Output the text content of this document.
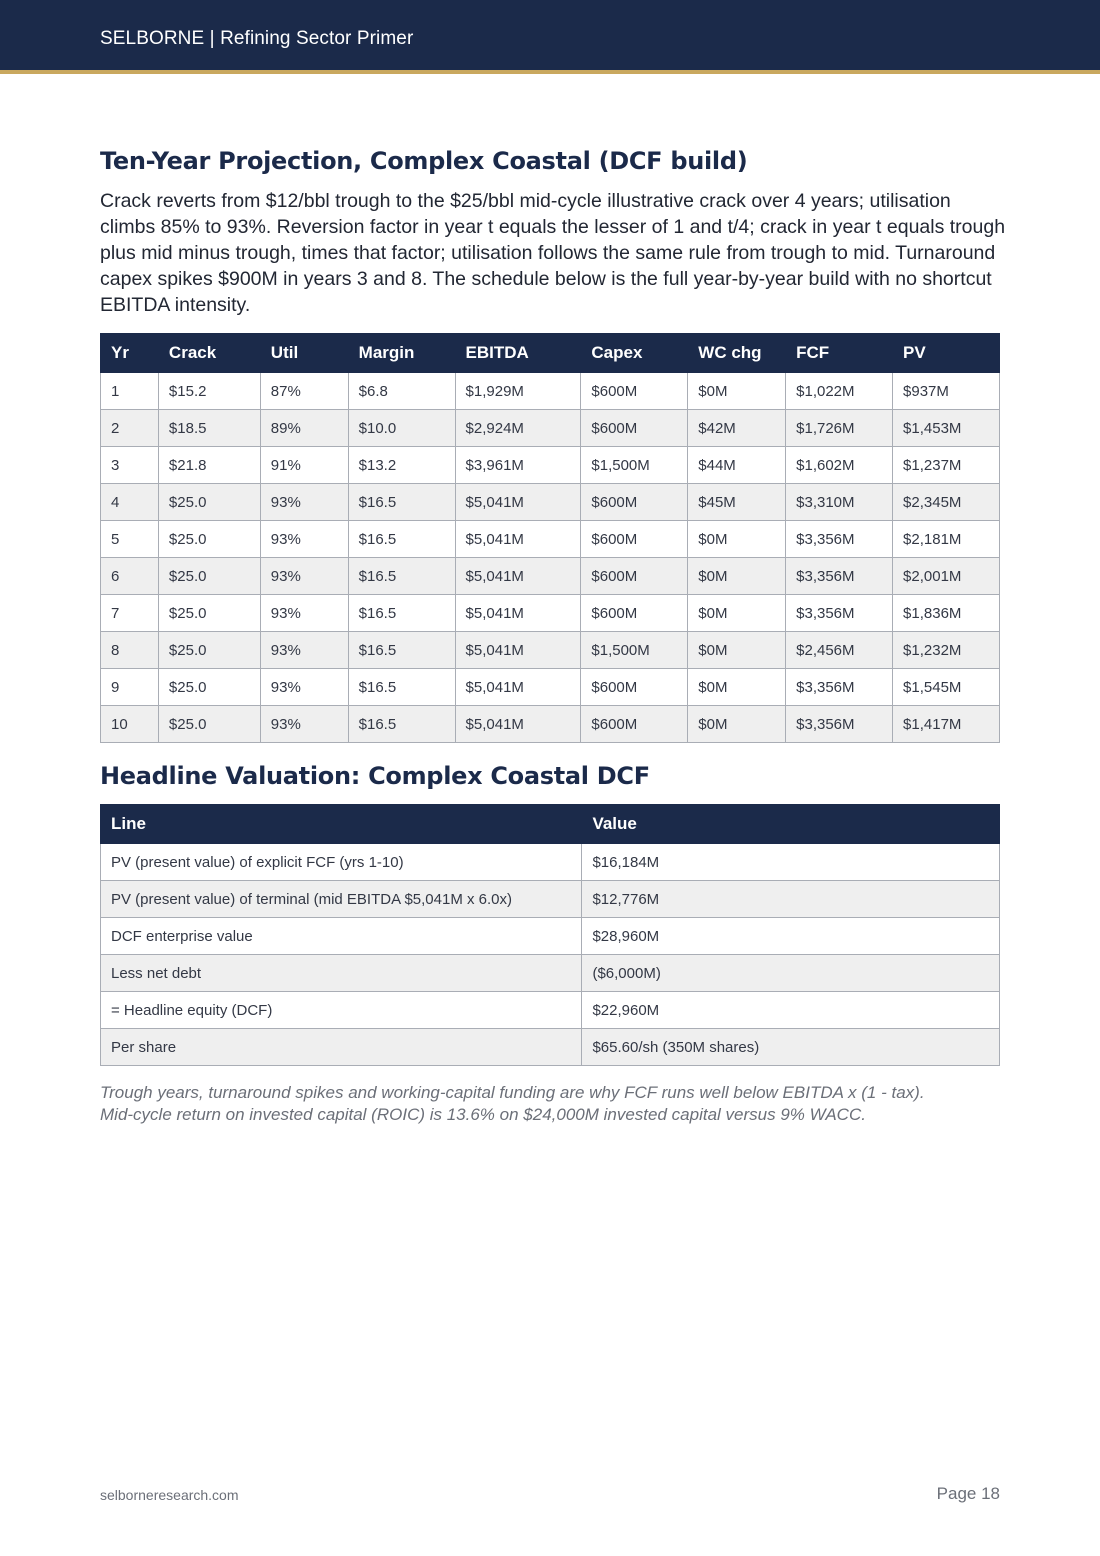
SELBORNE | Refining Sector Primer
Ten-Year Projection, Complex Coastal (DCF build)

Crack reverts from $12/bbl trough to the $25/bbl mid-cycle illustrative crack over 4 years; utilisation climbs 85% to 93%. Reversion factor in year t equals the lesser of 1 and t/4; crack in year t equals trough plus mid minus trough, times that factor; utilisation follows the same rule from trough to mid. Turnaround capex spikes $900M in years 3 and 8. The schedule below is the full year-by-year build with no shortcut EBITDA intensity.

Yr	Crack	Util	Margin	EBITDA	Capex	WC chg	FCF	PV
1	$15.2	87%	$6.8	$1,929M	$600M	$0M	$1,022M	$937M
2	$18.5	89%	$10.0	$2,924M	$600M	$42M	$1,726M	$1,453M
3	$21.8	91%	$13.2	$3,961M	$1,500M	$44M	$1,602M	$1,237M
4	$25.0	93%	$16.5	$5,041M	$600M	$45M	$3,310M	$2,345M
5	$25.0	93%	$16.5	$5,041M	$600M	$0M	$3,356M	$2,181M
6	$25.0	93%	$16.5	$5,041M	$600M	$0M	$3,356M	$2,001M
7	$25.0	93%	$16.5	$5,041M	$600M	$0M	$3,356M	$1,836M
8	$25.0	93%	$16.5	$5,041M	$1,500M	$0M	$2,456M	$1,232M
9	$25.0	93%	$16.5	$5,041M	$600M	$0M	$3,356M	$1,545M
10	$25.0	93%	$16.5	$5,041M	$600M	$0M	$3,356M	$1,417M
Headline Valuation: Complex Coastal DCF
Line	Value
PV (present value) of explicit FCF (yrs 1-10)	$16,184M
PV (present value) of terminal (mid EBITDA $5,041M x 6.0x)	$12,776M
DCF enterprise value	$28,960M
Less net debt	($6,000M)
= Headline equity (DCF)	$22,960M
Per share	$65.60/sh (350M shares)
Trough years, turnaround spikes and working-capital funding are why FCF runs well below EBITDA x (1 - tax).
Mid-cycle return on invested capital (ROIC) is 13.6% on $24,000M invested capital versus 9% WACC.
selborneresearch.com	Page 18
